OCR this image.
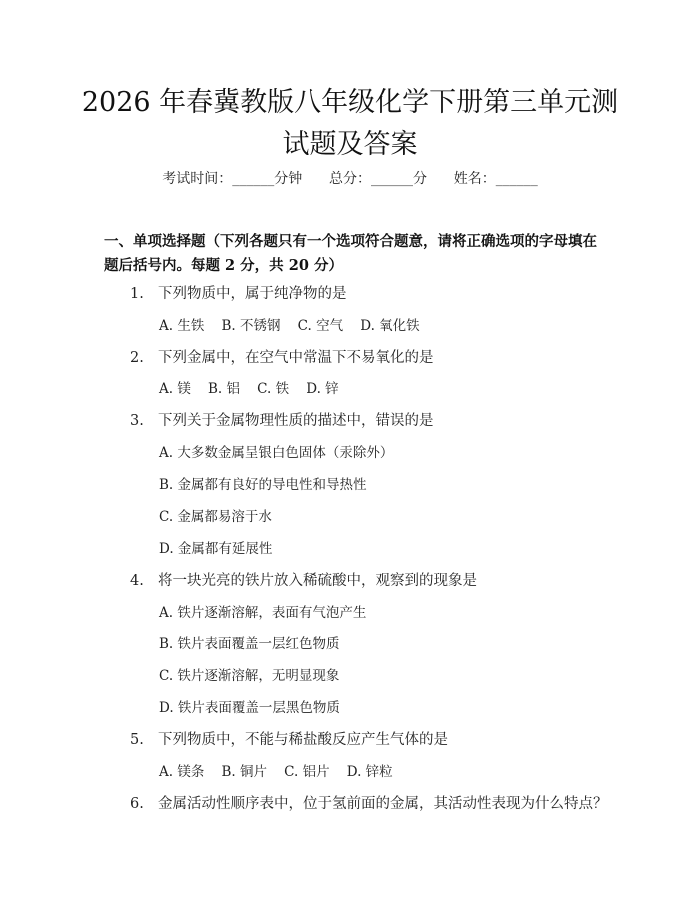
2026 年春冀教版八年级化学下册第三单元测
试题及答案
考试时间：______分钟      总分：______分      姓名：______
一、单项选择题（下列各题只有一个选项符合题意，请将正确选项的字母填在题后括号内。每题 2 分，共 20 分）
1. 下列物质中，属于纯净物的是
A. 生铁    B. 不锈钢    C. 空气    D. 氧化铁
2. 下列金属中，在空气中常温下不易氧化的是
A. 镁    B. 铝    C. 铁    D. 锌
3. 下列关于金属物理性质的描述中，错误的是
A. 大多数金属呈银白色固体（汞除外）
B. 金属都有良好的导电性和导热性
C. 金属都易溶于水
D. 金属都有延展性
4. 将一块光亮的铁片放入稀硫酸中，观察到的现象是
A. 铁片逐渐溶解，表面有气泡产生
B. 铁片表面覆盖一层红色物质
C. 铁片逐渐溶解，无明显现象
D. 铁片表面覆盖一层黑色物质
5. 下列物质中，不能与稀盐酸反应产生气体的是
A. 镁条    B. 铜片    C. 铝片    D. 锌粒
6. 金属活动性顺序表中，位于氢前面的金属，其活动性表现为什么特点？
